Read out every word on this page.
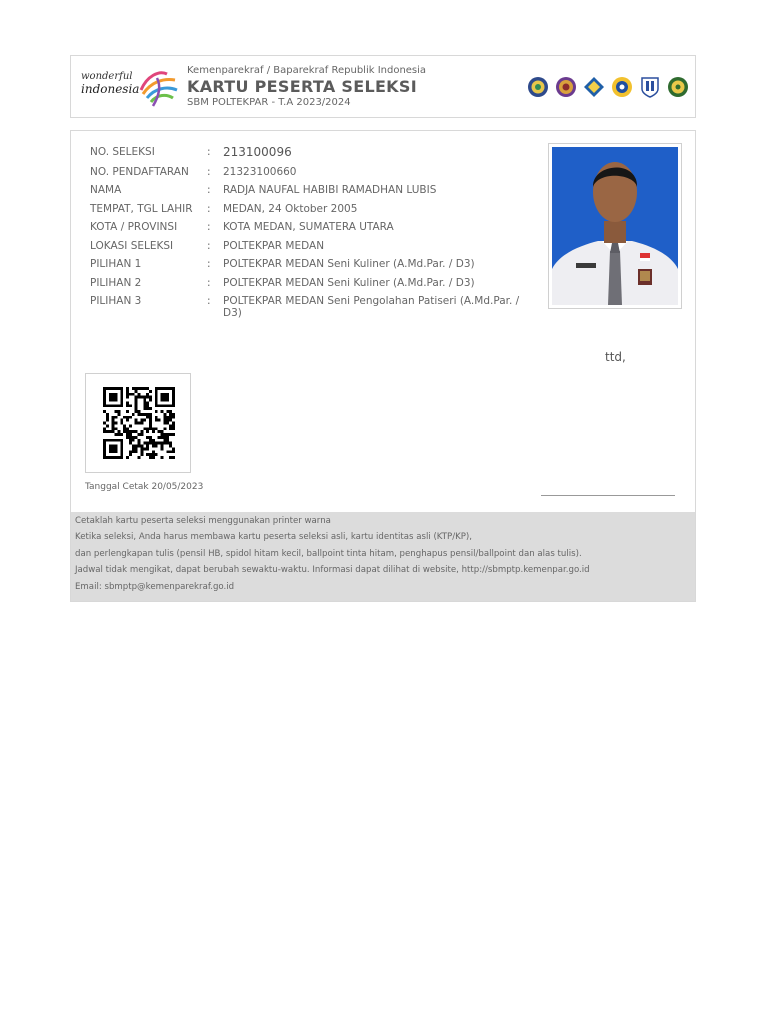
wonderful
indonesia
Kemenparekraf / Baparekraf Republik Indonesia
KARTU PESERTA SELEKSI
SBM POLTEKPAR - T.A 2023/2024
NO. SELEKSI	: 213100096
NO. PENDAFTARAN	: 21323100660
NAMA	: RADJA NAUFAL HABIBI RAMADHAN LUBIS
TEMPAT, TGL LAHIR	: MEDAN, 24 Oktober 2005
KOTA / PROVINSI	: KOTA MEDAN, SUMATERA UTARA
LOKASI SELEKSI	: POLTEKPAR MEDAN
PILIHAN 1	: POLTEKPAR MEDAN Seni Kuliner (A.Md.Par. / D3)
PILIHAN 2	: POLTEKPAR MEDAN Seni Kuliner (A.Md.Par. / D3)
PILIHAN 3	: POLTEKPAR MEDAN Seni Pengolahan Patiseri (A.Md.Par. / D3)
ttd,
Tanggal Cetak 20/05/2023
Cetaklah kartu peserta seleksi menggunakan printer warna
Ketika seleksi, Anda harus membawa kartu peserta seleksi asli, kartu identitas asli (KTP/KP),
dan perlengkapan tulis (pensil HB, spidol hitam kecil, ballpoint tinta hitam, penghapus pensil/ballpoint dan alas tulis).
Jadwal tidak mengikat, dapat berubah sewaktu-waktu. Informasi dapat dilihat di website, http://sbmptp.kemenpar.go.id
Email: sbmptp@kemenparekraf.go.id
